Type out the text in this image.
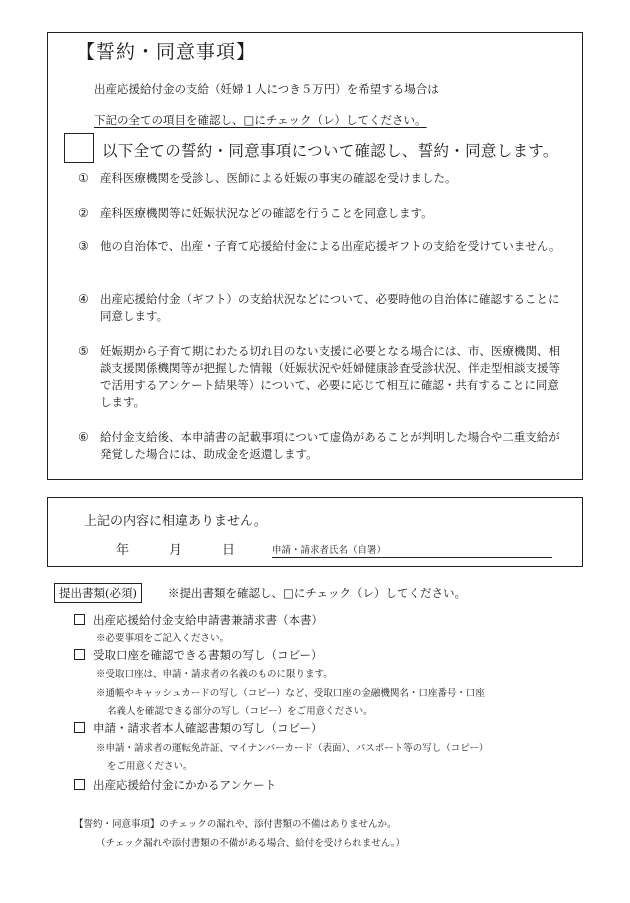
【誓約・同意事項】
出産応援給付金の支給（妊婦１人につき５万円）を希望する場合は
下記の全ての項目を確認し、□にチェック（レ）してください。
以下全ての誓約・同意事項について確認し、誓約・同意します。
① 産科医療機関を受診し、医師による妊娠の事実の確認を受けました。
② 産科医療機関等に妊娠状況などの確認を行うことを同意します。
③ 他の自治体で、出産・子育て応援給付金による出産応援ギフトの支給を受けていません。
④ 出産応援給付金（ギフト）の支給状況などについて、必要時他の自治体に確認することに同意します。
⑤ 妊娠期から子育て期にわたる切れ目のない支援に必要となる場合には、市、医療機関、相談支援関係機関等が把握した情報（妊娠状況や妊婦健康診査受診状況、伴走型相談支援等で活用するアンケート結果等）について、必要に応じて相互に確認・共有することに同意します。
⑥ 給付金支給後、本申請書の記載事項について虚偽があることが判明した場合や二重支給が発覚した場合には、助成金を返還します。
上記の内容に相違ありません。
年	月	日	申請・請求者氏名（自署）
提出書類(必須)	※提出書類を確認し、□にチェック（レ）してください。
出産応援給付金支給申請書兼請求書（本書）
※必要事項をご記入ください。
受取口座を確認できる書類の写し（コピー）
※受取口座は、申請・請求者の名義のものに限ります。
※通帳やキャッシュカードの写し（コピー）など、受取口座の金融機関名・口座番号・口座
名義人を確認できる部分の写し（コピー）をご用意ください。
申請・請求者本人確認書類の写し（コピー）
※申請・請求者の運転免許証、マイナンバーカード（表面）、パスポート等の写し（コピー）
をご用意ください。
出産応援給付金にかかるアンケート
【誓約・同意事項】のチェックの漏れや、添付書類の不備はありませんか。
（チェック漏れや添付書類の不備がある場合、給付を受けられません。）
